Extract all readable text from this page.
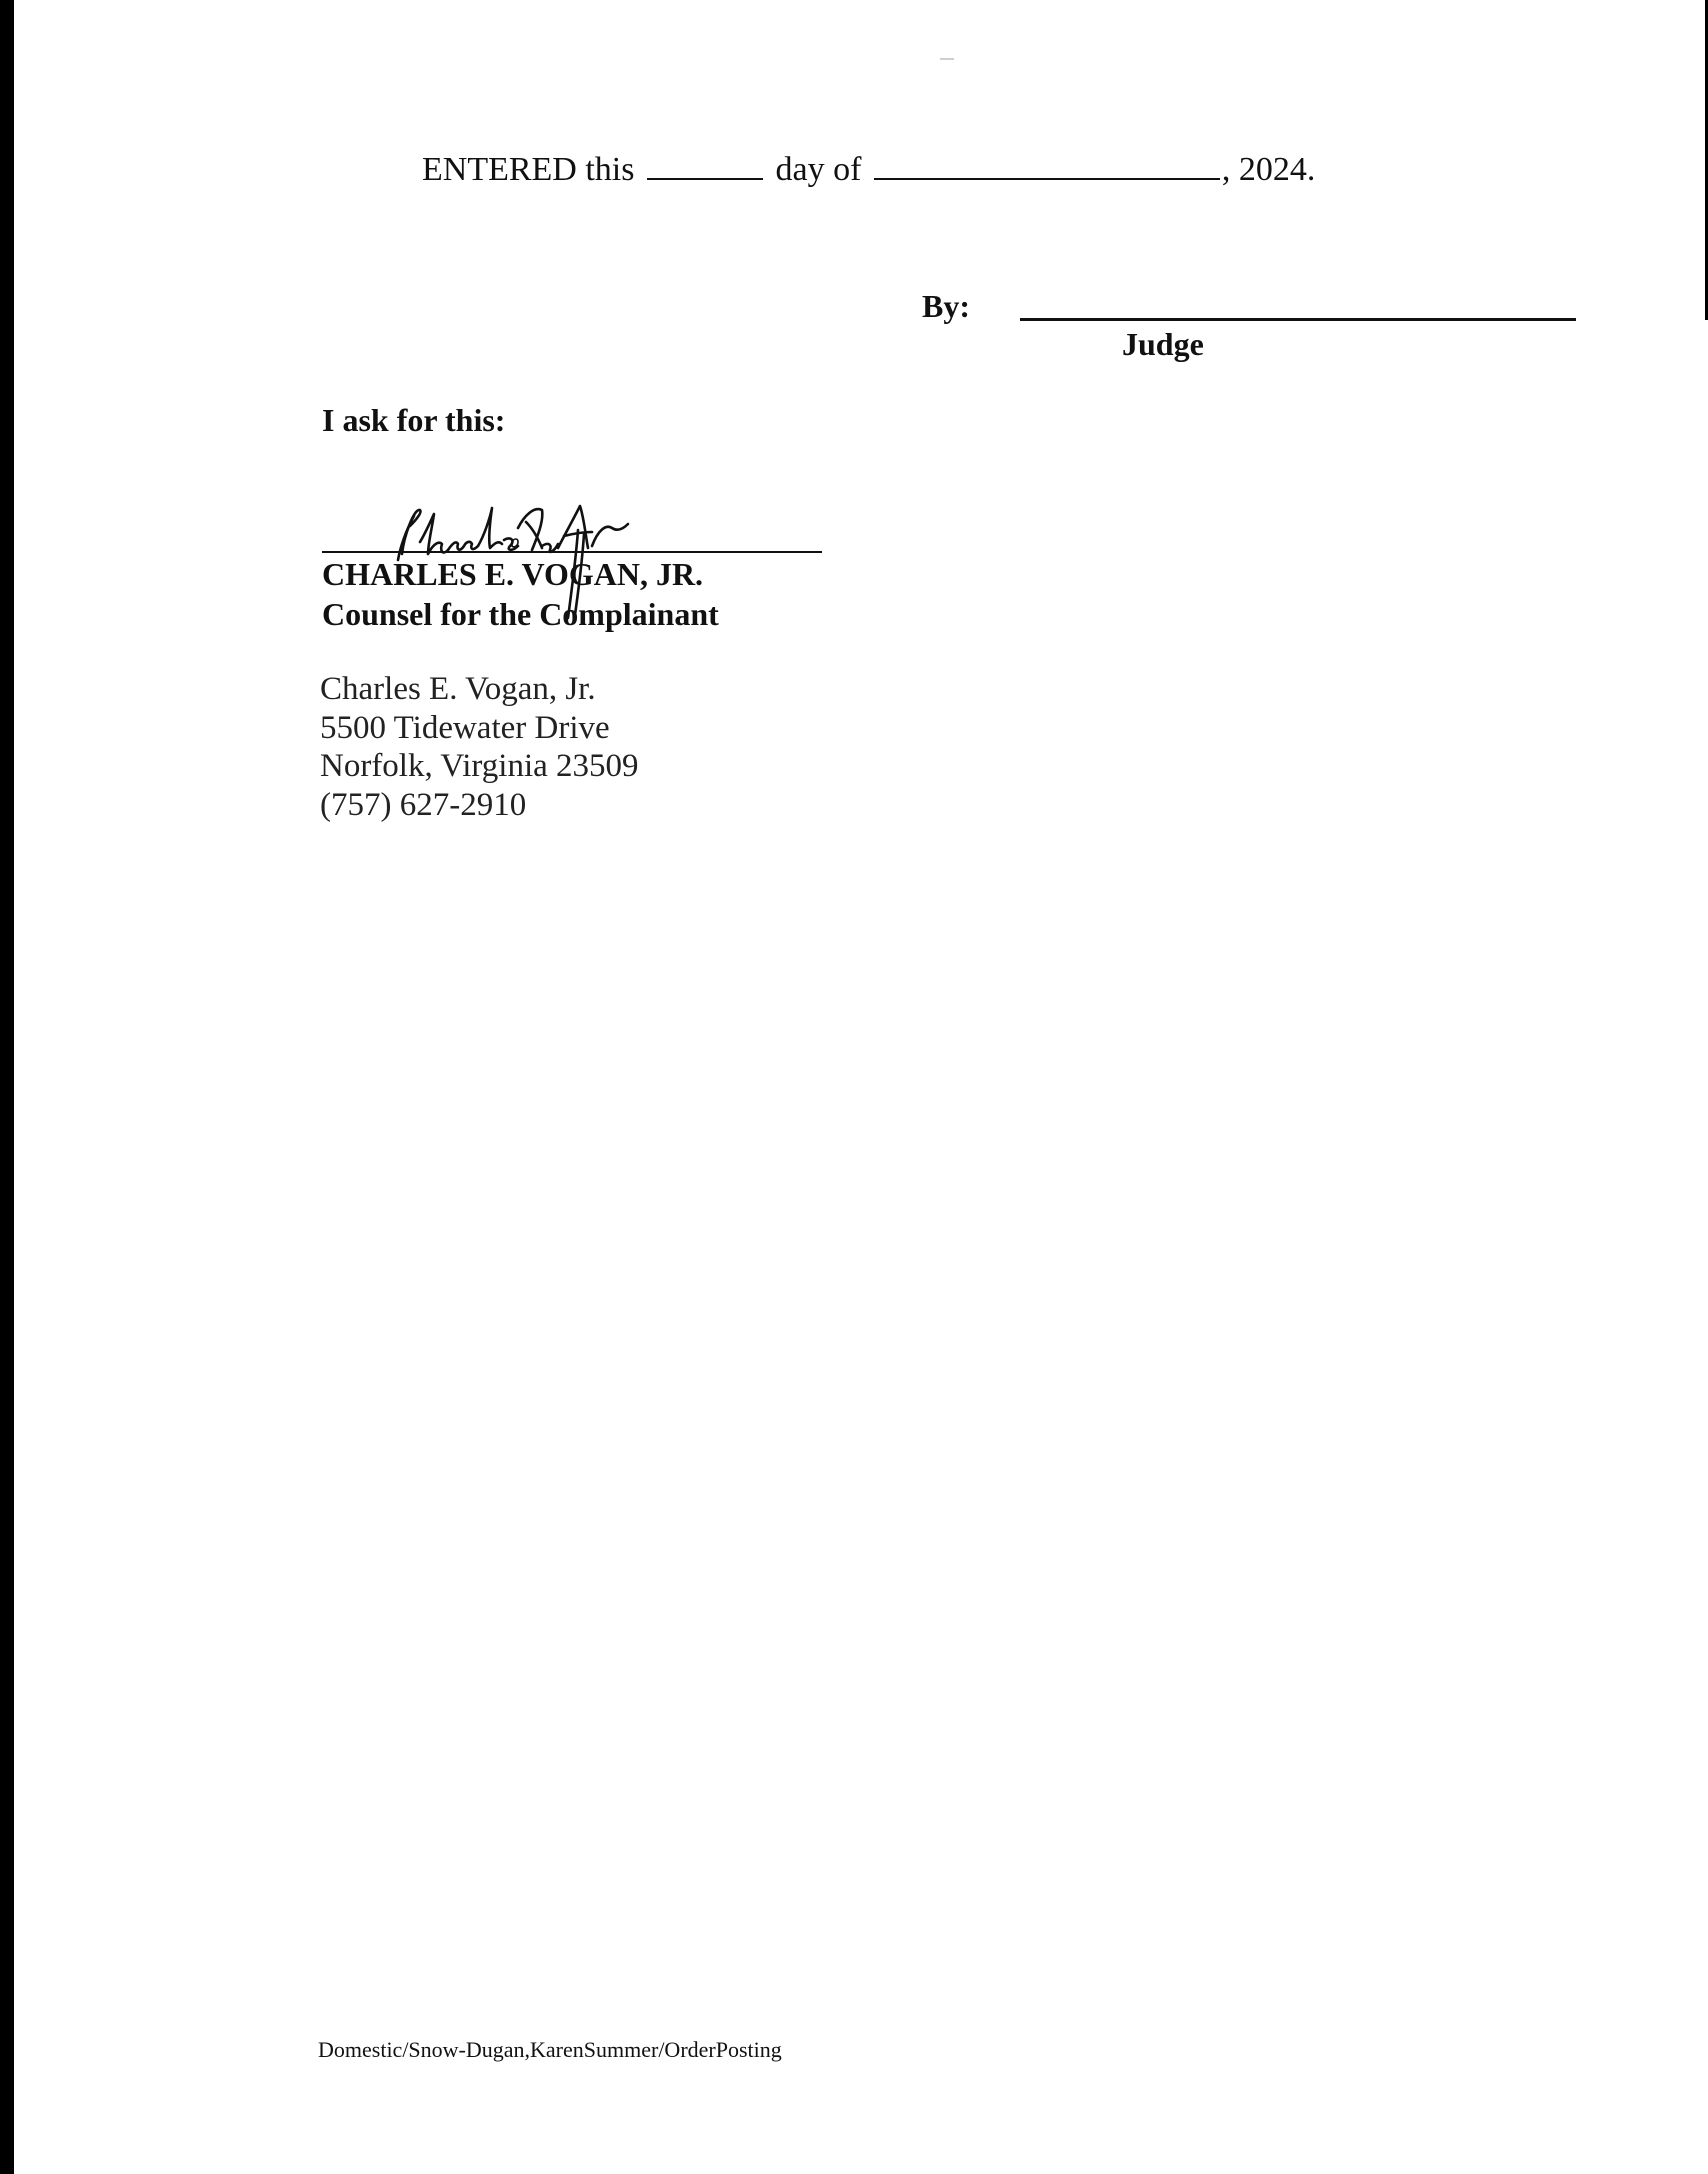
ENTERED this	day of	, 2024.
By:
Judge
I ask for this:
CHARLES E. VOGAN, JR.
Counsel for the Complainant
Charles E. Vogan, Jr.
5500 Tidewater Drive
Norfolk, Virginia 23509
(757) 627-2910
Domestic/Snow-Dugan,KarenSummer/OrderPosting
